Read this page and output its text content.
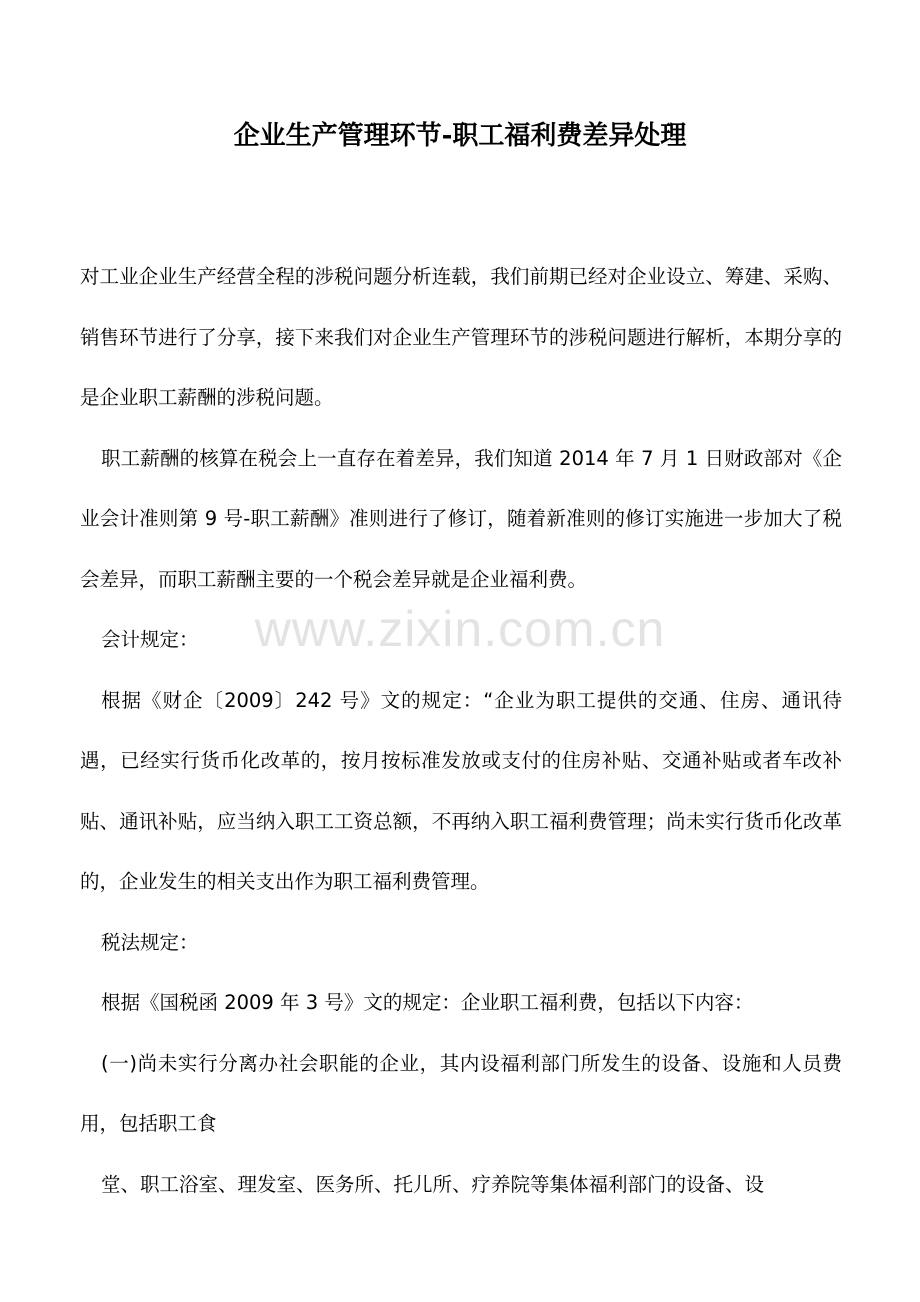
企业生产管理环节-职工福利费差异处理

对工业企业生产经营全程的涉税问题分析连载，我们前期已经对企业设立、筹建、采购、销售环节进行了分享，接下来我们对企业生产管理环节的涉税问题进行解析，本期分享的是企业职工薪酬的涉税问题。

职工薪酬的核算在税会上一直存在着差异，我们知道 2014 年 7 月 1 日财政部对《企业会计准则第 9 号-职工薪酬》准则进行了修订，随着新准则的修订实施进一步加大了税会差异，而职工薪酬主要的一个税会差异就是企业福利费。

会计规定：

根据《财企〔2009〕242 号》文的规定：“企业为职工提供的交通、住房、通讯待遇，已经实行货币化改革的，按月按标准发放或支付的住房补贴、交通补贴或者车改补贴、通讯补贴，应当纳入职工工资总额，不再纳入职工福利费管理；尚未实行货币化改革的，企业发生的相关支出作为职工福利费管理。

税法规定：

根据《国税函 2009 年 3 号》文的规定：企业职工福利费，包括以下内容：

(一)尚未实行分离办社会职能的企业，其内设福利部门所发生的设备、设施和人员费用，包括职工食

堂、职工浴室、理发室、医务所、托儿所、疗养院等集体福利部门的设备、设

www.zixin.com.cn
